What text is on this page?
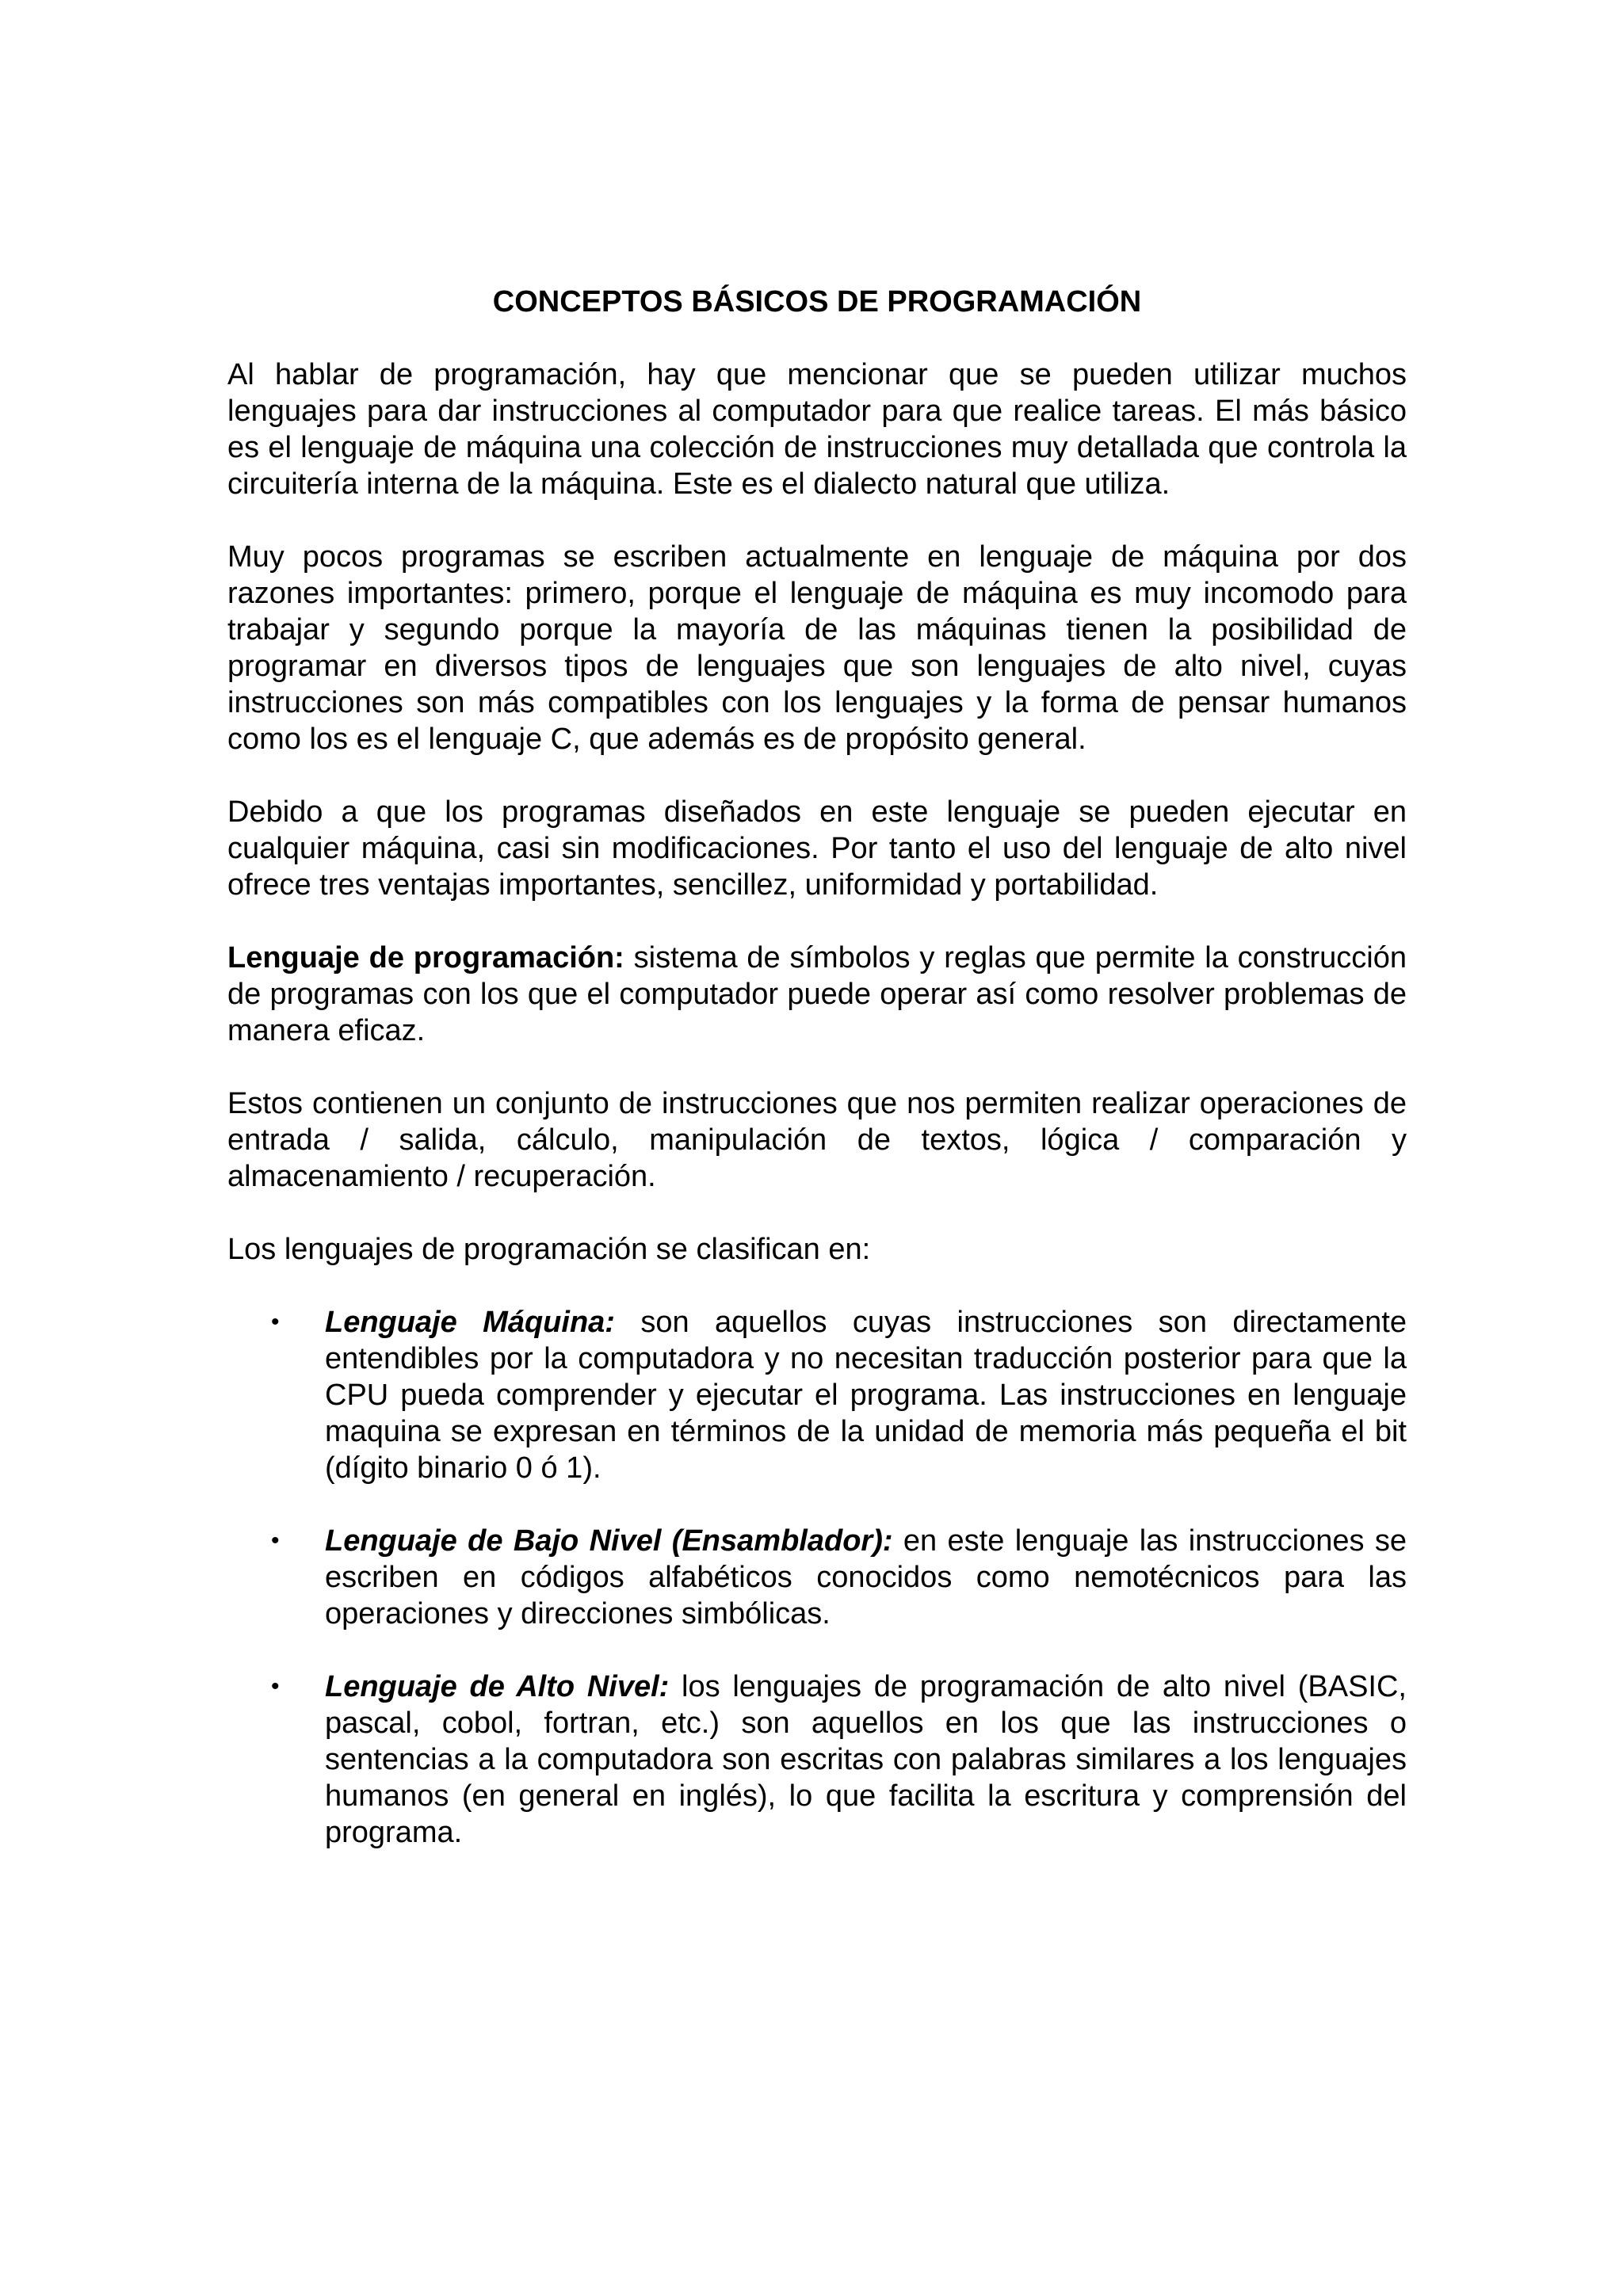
CONCEPTOS BÁSICOS DE PROGRAMACIÓN

Al hablar de programación, hay que mencionar que se pueden utilizar muchos lenguajes para dar instrucciones al computador para que realice tareas. El más básico es el lenguaje de máquina una colección de instrucciones muy detallada que controla la circuitería interna de la máquina. Este es el dialecto natural que utiliza.

Muy pocos programas se escriben actualmente en lenguaje de máquina por dos razones importantes: primero, porque el lenguaje de máquina es muy incomodo para trabajar y segundo porque la mayoría de las máquinas tienen la posibilidad de programar en diversos tipos de lenguajes que son lenguajes de alto nivel, cuyas instrucciones son más compatibles con los lenguajes y la forma de pensar humanos como los es el lenguaje C, que además es de propósito general.

Debido a que los programas diseñados en este lenguaje se pueden ejecutar en cualquier máquina, casi sin modificaciones. Por tanto el uso del lenguaje de alto nivel ofrece tres ventajas importantes, sencillez, uniformidad y portabilidad.

Lenguaje de programación: sistema de símbolos y reglas que permite la construcción de programas con los que el computador puede operar así como resolver problemas de manera eficaz.

Estos contienen un conjunto de instrucciones que nos permiten realizar operaciones de entrada / salida, cálculo, manipulación de textos, lógica / comparación y almacenamiento / recuperación.

Los lenguajes de programación se clasifican en:

• Lenguaje Máquina: son aquellos cuyas instrucciones son directamente entendibles por la computadora y no necesitan traducción posterior para que la CPU pueda comprender y ejecutar el programa. Las instrucciones en lenguaje maquina se expresan en términos de la unidad de memoria más pequeña el bit (dígito binario 0 ó 1).
• Lenguaje de Bajo Nivel (Ensamblador): en este lenguaje las instrucciones se escriben en códigos alfabéticos conocidos como nemotécnicos para las operaciones y direcciones simbólicas.
• Lenguaje de Alto Nivel: los lenguajes de programación de alto nivel (BASIC, pascal, cobol, fortran, etc.) son aquellos en los que las instrucciones o sentencias a la computadora son escritas con palabras similares a los lenguajes humanos (en general en inglés), lo que facilita la escritura y comprensión del programa.
